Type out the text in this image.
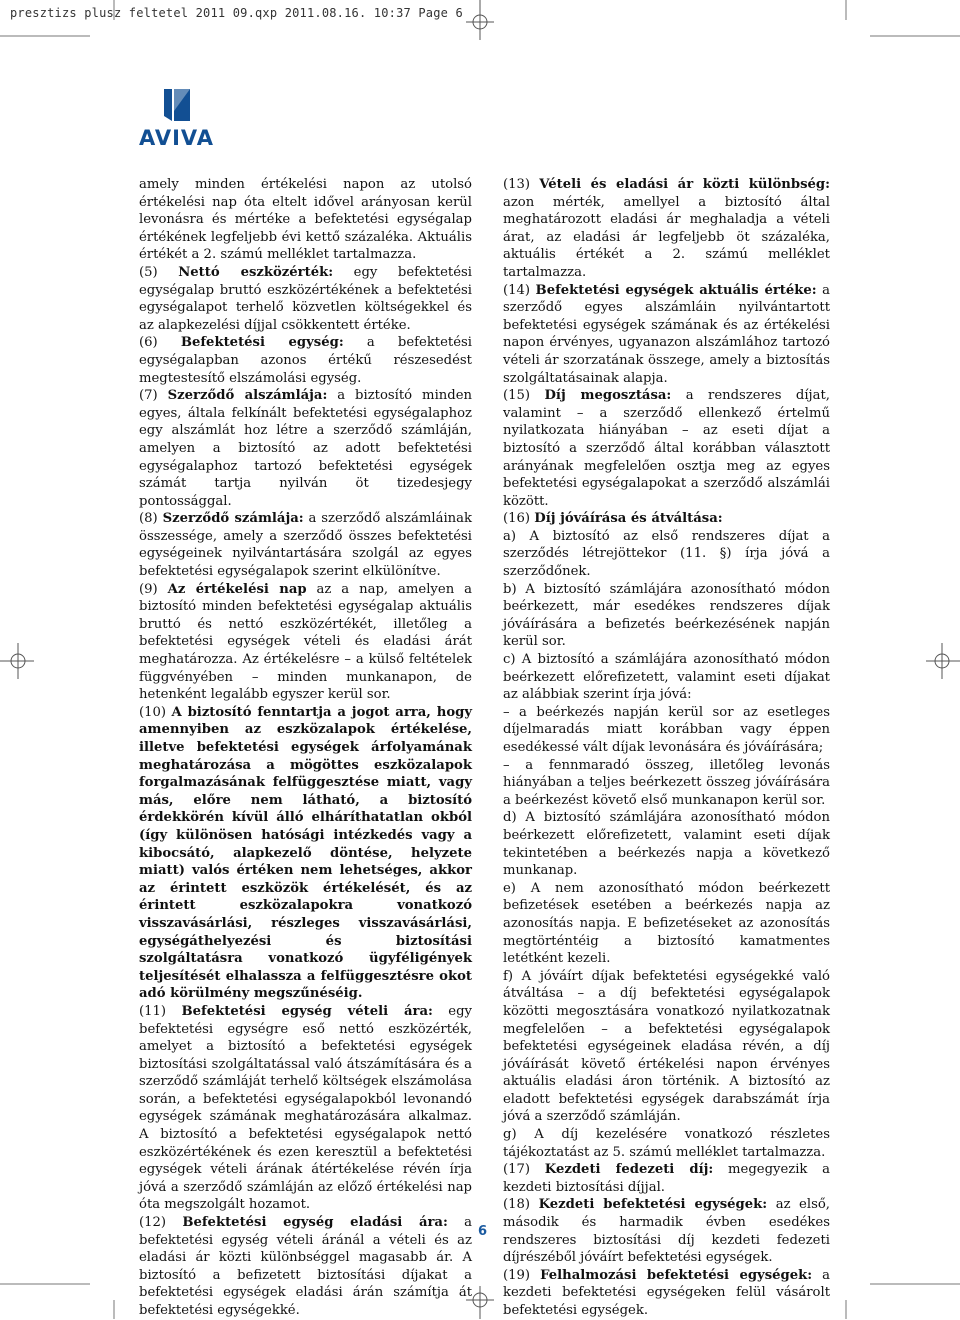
presztizs plusz feltetel 2011 09.qxp 2011.08.16. 10:37 Page 6
AVIVA

amely minden értékelési napon az utolsó értékelési nap óta eltelt idővel arányosan kerül levonásra és mértéke a befektetési egységalap értékének legfeljebb évi kettő százaléka. Aktuális értékét a 2. számú melléklet tartalmazza.

(5) Nettó eszközérték: egy befektetési egységalap bruttó eszközértékének a befektetési egységalapot terhelő közvetlen költségekkel és az alapkezelési díjjal csökkentett értéke.

(6) Befektetési egység: a befektetési egységalapban azonos értékű részesedést megtestesítő elszámolási egység.

(7) Szerződő alszámlája: a biztosító minden egyes, általa felkínált befektetési egységalaphoz egy alszámlát hoz létre a szerződő számláján, amelyen a biztosító az adott befektetési egységalaphoz tartozó befektetési egységek számát tartja nyilván öt tizedesjegy pontossággal.

(8) Szerződő számlája: a szerződő alszámláinak összessége, amely a szerződő összes befektetési egységeinek nyilvántartására szolgál az egyes befektetési egységalapok szerint elkülönítve.

(9) Az értékelési nap az a nap, amelyen a biztosító minden befektetési egységalap aktuális bruttó és nettó eszközértékét, illetőleg a befektetési egységek vételi és eladási árát meghatározza. Az értékelésre – a külső feltételek függvényében – minden munkanapon, de hetenként legalább egyszer kerül sor.

(10) A biztosító fenntartja a jogot arra, hogy amennyiben az eszközalapok értékelése, illetve befektetési egységek árfolyamának meghatározása a mögöttes eszközalapok forgalmazásának felfüggesztése miatt, vagy más, előre nem látható, a biztosító érdekkörén kívül álló elháríthatatlan okból (így különösen hatósági intézkedés vagy a kibocsátó, alapkezelő döntése, helyzete miatt) valós értéken nem lehetséges, akkor az érintett eszközök értékelését, és az érintett eszközalapokra vonatkozó visszavásárlási, részleges visszavásárlási, egységáthelyezési és biztosítási szolgáltatásra vonatkozó ügyféligények teljesítését elhalassza a felfüggesztésre okot adó körülmény megszűnéséig.

(11) Befektetési egység vételi ára: egy befektetési egységre eső nettó eszközérték, amelyet a biztosító a befektetési egységek biztosítási szolgáltatással való átszámítására és a szerződő számláját terhelő költségek elszámolása során, a befektetési egységalapokból levonandó egységek számának meghatározására alkalmaz. A biztosító a befektetési egységalapok nettó eszközértékének és ezen keresztül a befektetési egységek vételi árának átértékelése révén írja jóvá a szerződő számláján az előző értékelési nap óta megszolgált hozamot.

(12) Befektetési egység eladási ára: a befektetési egység vételi áránál a vételi és az eladási ár közti különbséggel magasabb ár. A biztosító a befizetett biztosítási díjakat a befektetési egységek eladási árán számítja át befektetési egységekké.

(13) Vételi és eladási ár közti különbség: azon mérték, amellyel a biztosító által meghatározott eladási ár meghaladja a vételi árat, az eladási ár legfeljebb öt százaléka, aktuális értékét a 2. számú melléklet tartalmazza.

(14) Befektetési egységek aktuális értéke: a szerződő egyes alszámláin nyilvántartott befektetési egységek számának és az értékelési napon érvényes, ugyanazon alszámlához tartozó vételi ár szorzatának összege, amely a biztosítás szolgáltatásainak alapja.

(15) Díj megosztása: a rendszeres díjat, valamint – a szerződő ellenkező értelmű nyilatkozata hiányában – az eseti díjat a biztosító a szerződő által korábban választott arányának megfelelően osztja meg az egyes befektetési egységalapokat a szerződő alszámlái között.

(16) Díj jóváírása és átváltása:

a) A biztosító az első rendszeres díjat a szerződés létrejöttekor (11. §) írja jóvá a szerződőnek.

b) A biztosító számlájára azonosítható módon beérkezett, már esedékes rendszeres díjak jóváírására a befizetés beérkezésének napján kerül sor.

c) A biztosító a számlájára azonosítható módon beérkezett előrefizetett, valamint eseti díjakat az alábbiak szerint írja jóvá:

– a beérkezés napján kerül sor az esetleges díjelmaradás miatt korábban vagy éppen esedékessé vált díjak levonására és jóváírására;

– a fennmaradó összeg, illetőleg levonás hiányában a teljes beérkezett összeg jóváírására a beérkezést követő első munkanapon kerül sor.

d) A biztosító számlájára azonosítható módon beérkezett előrefizetett, valamint eseti díjak tekintetében a beérkezés napja a következő munkanap.

e) A nem azonosítható módon beérkezett befizetések esetében a beérkezés napja az azonosítás napja. E befizetéseket az azonosítás megtörténtéig a biztosító kamatmentes letétként kezeli.

f) A jóváírt díjak befektetési egységekké való átváltása – a díj befektetési egységalapok közötti megosztására vonatkozó nyilatkozatnak megfelelően – a befektetési egységalapok befektetési egységeinek eladása révén, a díj jóváírását követő értékelési napon érvényes aktuális eladási áron történik. A biztosító az eladott befektetési egységek darabszámát írja jóvá a szerződő számláján.

g) A díj kezelésére vonatkozó részletes tájékoztatást az 5. számú melléklet tartalmazza.

(17) Kezdeti fedezeti díj: megegyezik a kezdeti biztosítási díjjal.

(18) Kezdeti befektetési egységek: az első, második és harmadik évben esedékes rendszeres biztosítási díj kezdeti fedezeti díjrészéből jóváírt befektetési egységek.

(19) Felhalmozási befektetési egységek: a kezdeti befektetési egységeken felül vásárolt befektetési egységek.

6
